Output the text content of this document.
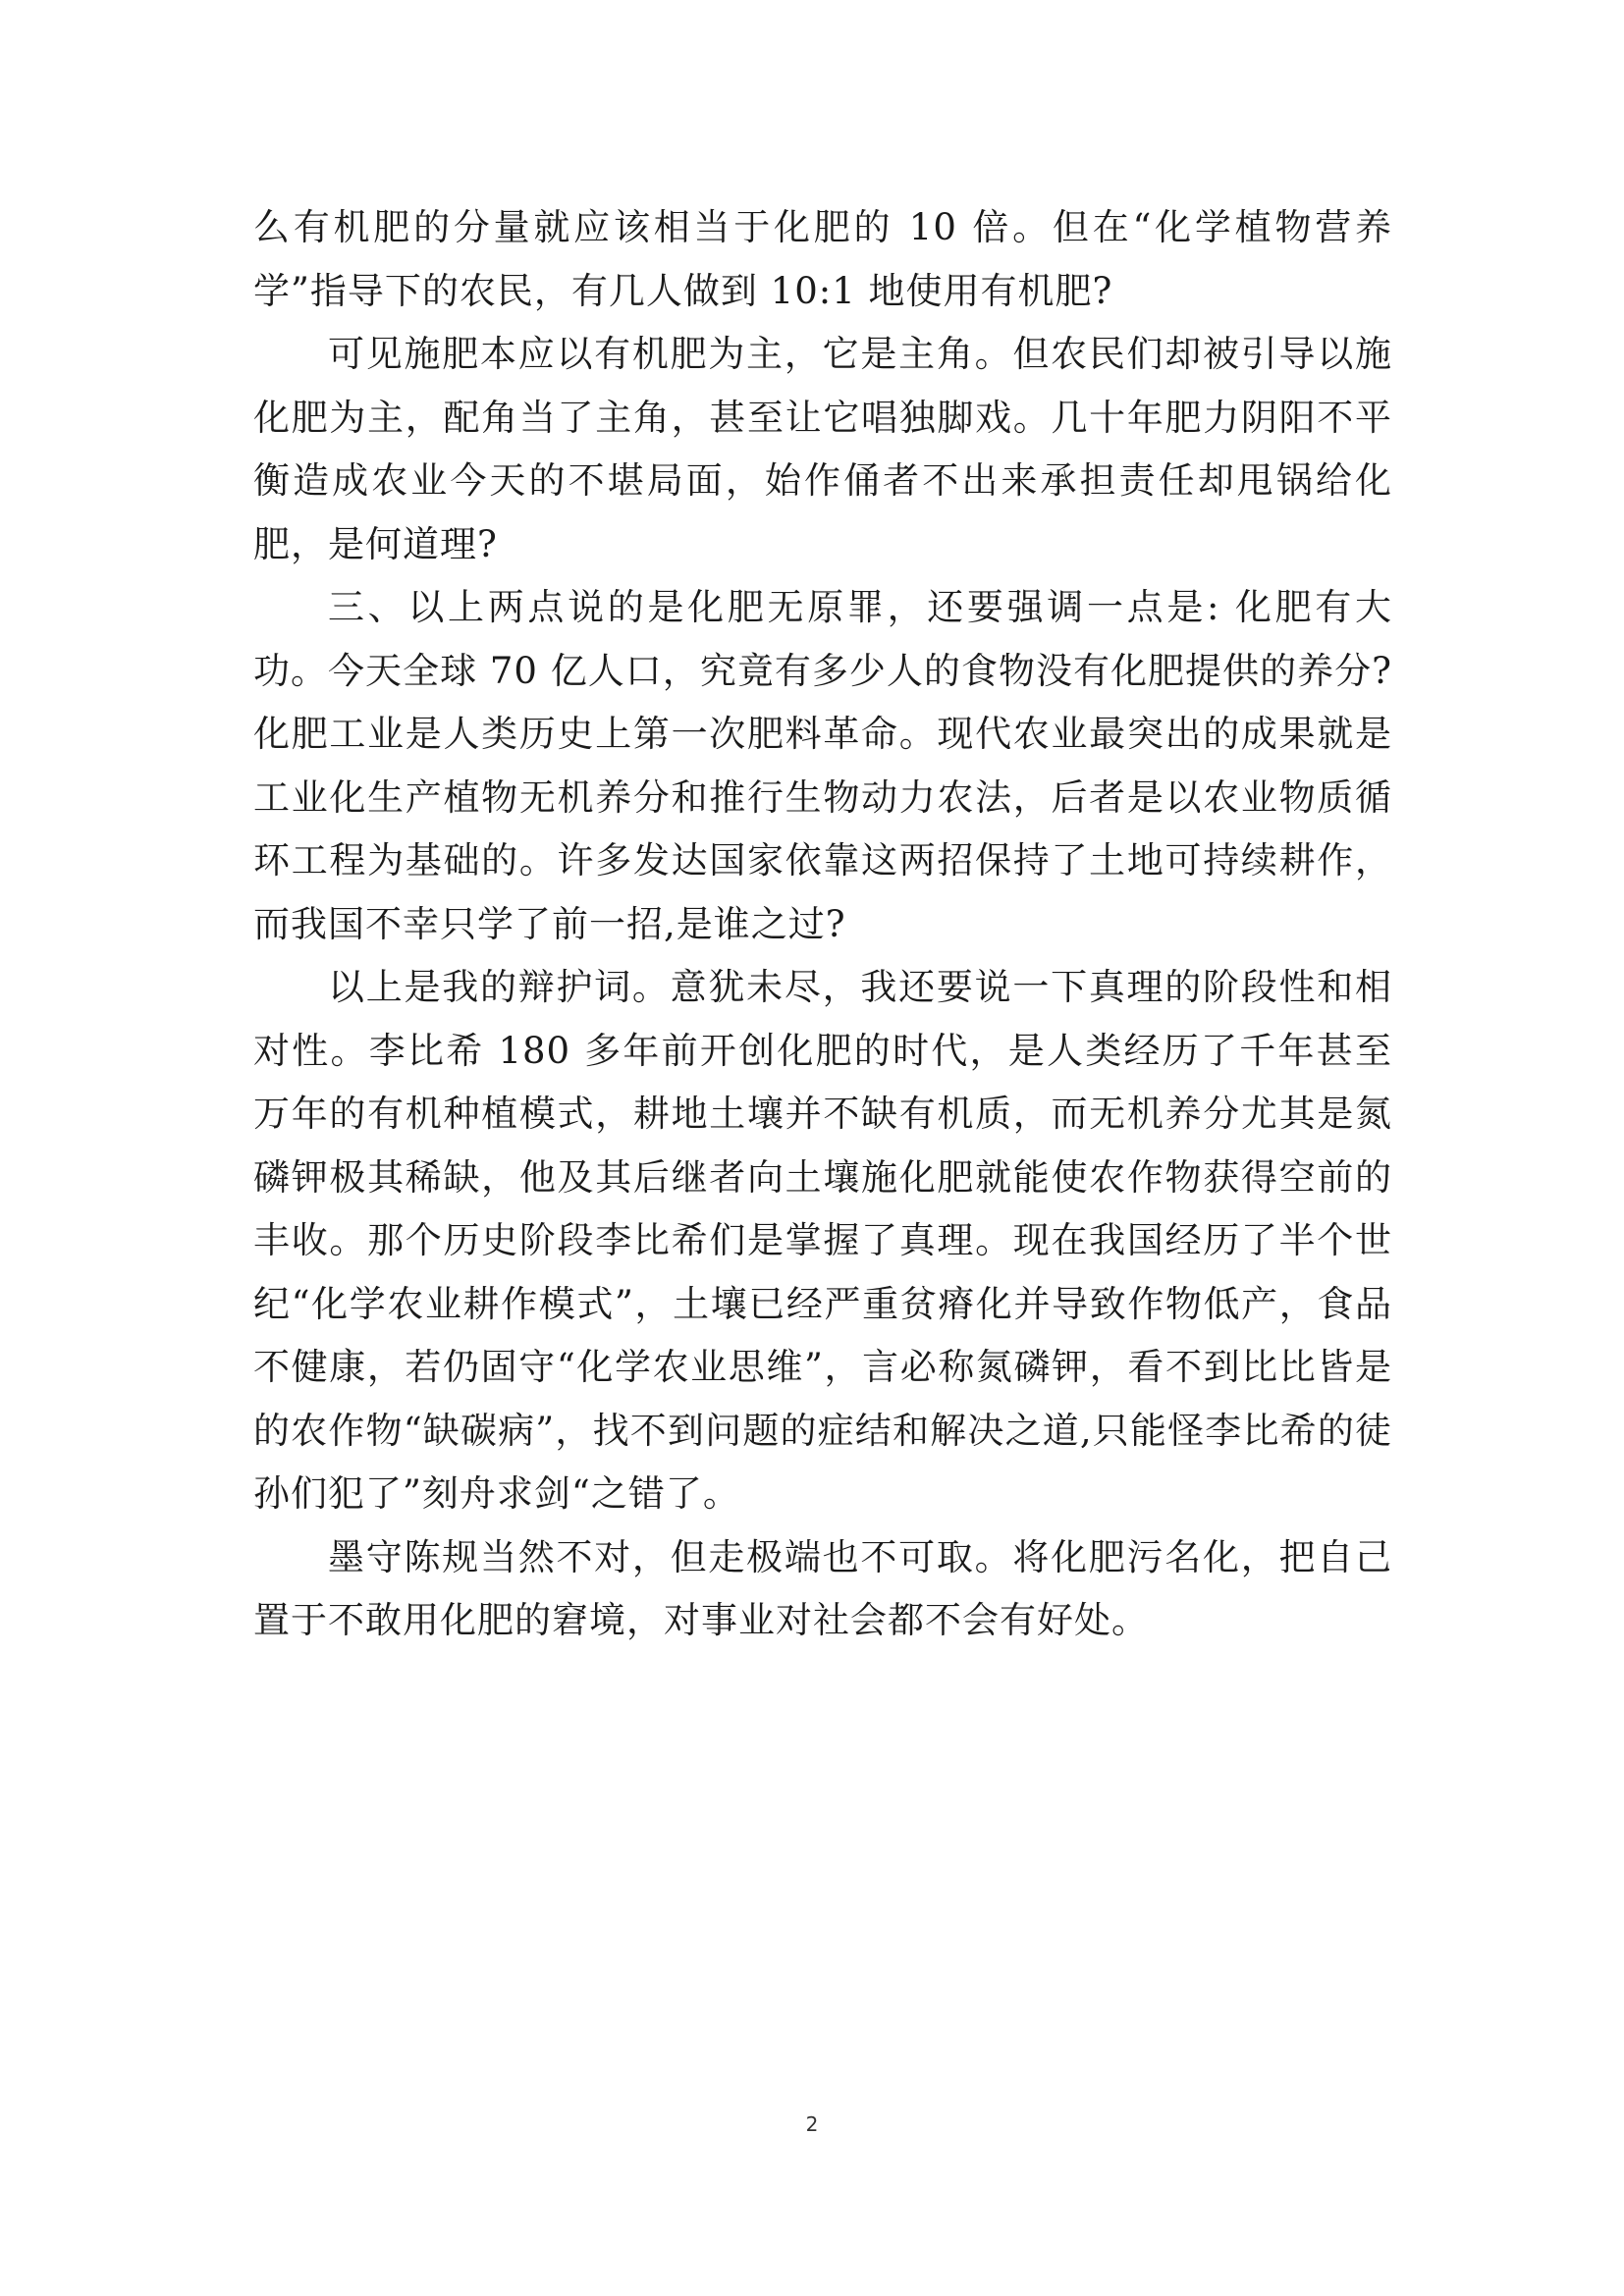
么有机肥的分量就应该相当于化肥的 10 倍。但在“化学植物营养学”指导下的农民，有几人做到 10:1 地使用有机肥?

可见施肥本应以有机肥为主，它是主角。但农民们却被引导以施化肥为主，配角当了主角，甚至让它唱独脚戏。几十年肥力阴阳不平衡造成农业今天的不堪局面，始作俑者不出来承担责任却甩锅给化肥，是何道理?

三、以上两点说的是化肥无原罪，还要强调一点是: 化肥有大功。今天全球 70 亿人口，究竟有多少人的食物没有化肥提供的养分? 化肥工业是人类历史上第一次肥料革命。现代农业最突出的成果就是工业化生产植物无机养分和推行生物动力农法，后者是以农业物质循环工程为基础的。许多发达国家依靠这两招保持了土地可持续耕作，而我国不幸只学了前一招,是谁之过?

以上是我的辩护词。意犹未尽，我还要说一下真理的阶段性和相对性。李比希 180 多年前开创化肥的时代，是人类经历了千年甚至万年的有机种植模式，耕地土壤并不缺有机质，而无机养分尤其是氮磷钾极其稀缺，他及其后继者向土壤施化肥就能使农作物获得空前的丰收。那个历史阶段李比希们是掌握了真理。现在我国经历了半个世纪“化学农业耕作模式”，土壤已经严重贫瘠化并导致作物低产，食品不健康，若仍固守“化学农业思维”，言必称氮磷钾，看不到比比皆是的农作物“缺碳病”，找不到问题的症结和解决之道,只能怪李比希的徒孙们犯了”刻舟求剑“之错了。

墨守陈规当然不对，但走极端也不可取。将化肥污名化，把自己置于不敢用化肥的窘境，对事业对社会都不会有好处。

2
